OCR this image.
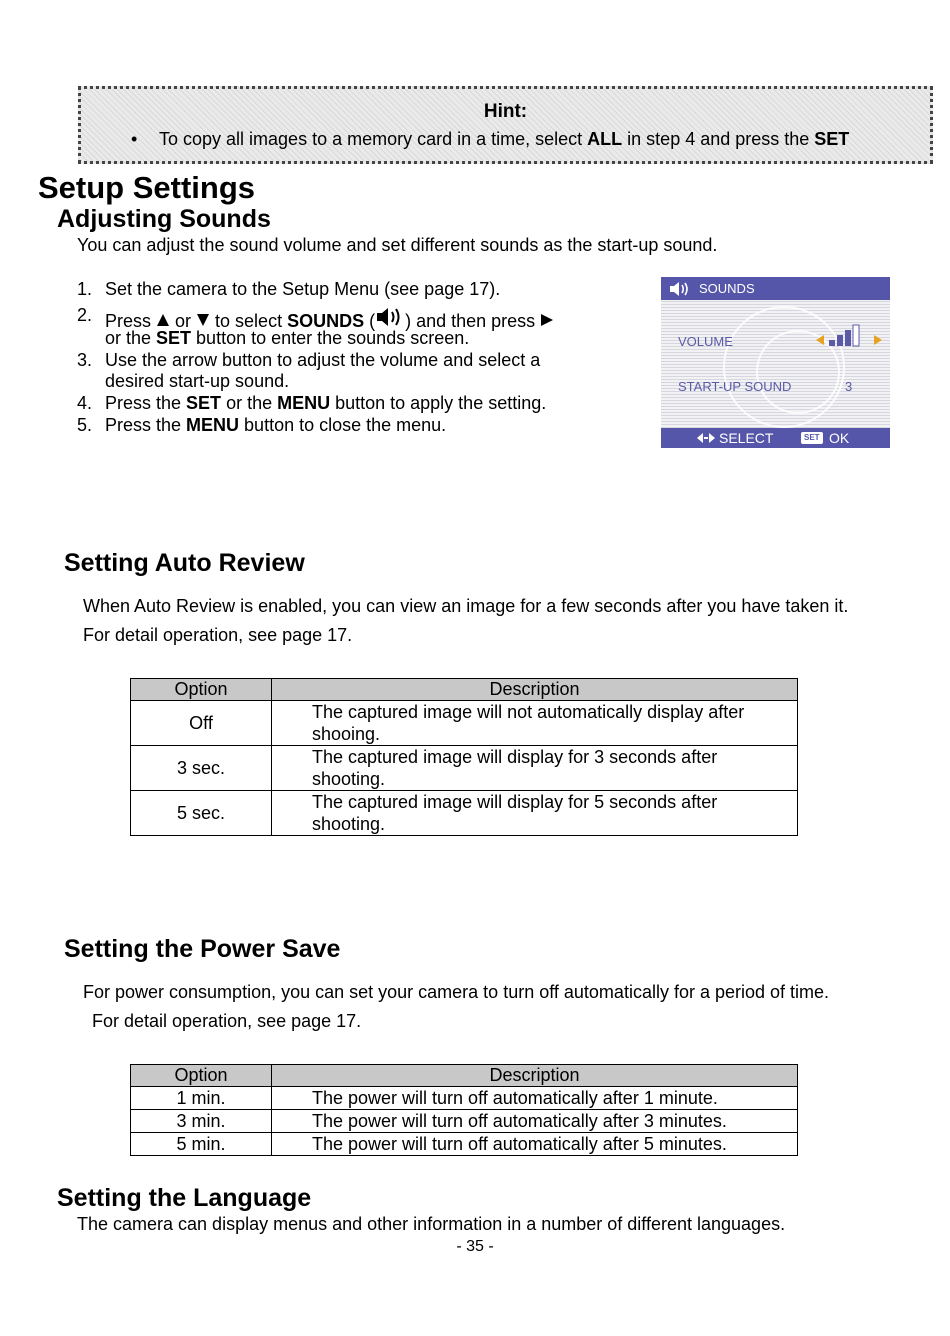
Hint:
• To copy all images to a memory card in a time, select ALL in step 4 and press the SET
Setup Settings
Adjusting Sounds
You can adjust the sound volume and set different sounds as the start-up sound.
1. Set the camera to the Setup Menu (see page 17).
2. Press  or  to select SOUNDS ( ) and then press
or the SET button to enter the sounds screen.
3. Use the arrow button to adjust the volume and select a
desired start-up sound.
4. Press the SET or the MENU button to apply the setting.
5. Press the MENU button to close the menu.
SOUNDS
VOLUME
START-UP SOUND	3
SELECT	SET OK
Setting Auto Review
When Auto Review is enabled, you can view an image for a few seconds after you have taken it.
For detail operation, see page 17.
Option	Description
Off	The captured image will not automatically display after
shooing.
3 sec.	The captured image will display for 3 seconds after
shooting.
5 sec.	The captured image will display for 5 seconds after
shooting.
Setting the Power Save
For power consumption, you can set your camera to turn off automatically for a period of time.
For detail operation, see page 17.
Option	Description
1 min.	The power will turn off automatically after 1 minute.
3 min.	The power will turn off automatically after 3 minutes.
5 min.	The power will turn off automatically after 5 minutes.
Setting the Language
The camera can display menus and other information in a number of different languages.
- 35 -
